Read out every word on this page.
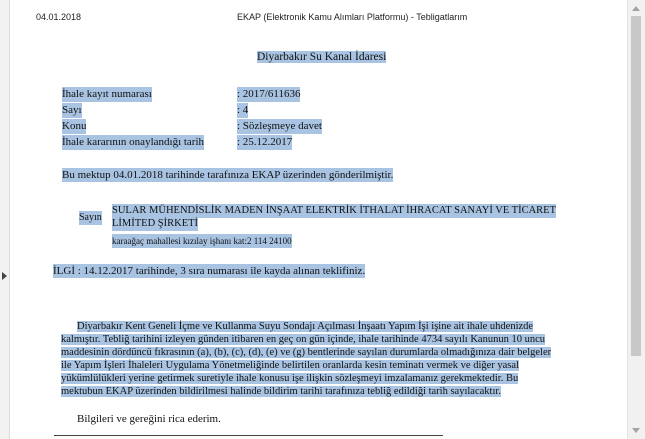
04.01.2018	EKAP (Elektronik Kamu Alımları Platformu) - Tebligatlarım
Diyarbakır Su Kanal İdaresi
İhale kayıt numarası	: 2017/611636
Sayı	: 4
Konu	: Sözleşmeye davet
İhale kararının onaylandığı tarih	: 25.12.2017
Bu mektup 04.01.2018 tarihinde tarafınıza EKAP üzerinden gönderilmiştir.
Sayın
SULAR MÜHENDİSLİK MADEN İNŞAAT ELEKTRİK İTHALAT İHRACAT SANAYİ VE TİCARET
LİMİTED ŞİRKETİ
karaağaç mahallesi kızılay işhanı kat:2 114 24100
İLGİ : 14.12.2017 tarihinde, 3 sıra numarası ile kayda alınan teklifiniz.
Diyarbakır Kent Geneli İçme ve Kullanma Suyu Sondajı Açılması İnşaatı Yapım İşi işine ait ihale uhdenizde
kalmıştır. Tebliğ tarihini izleyen günden itibaren en geç on gün içinde, ihale tarihinde 4734 sayılı Kanunun 10 uncu
maddesinin dördüncü fıkrasının (a), (b), (c), (d), (e) ve (g) bentlerinde sayılan durumlarda olmadığınıza dair belgeler
ile Yapım İşleri İhaleleri Uygulama Yönetmeliğinde belirtilen oranlarda kesin teminatı vermek ve diğer yasal
yükümlülükleri yerine getirmek suretiyle ihale konusu işe ilişkin sözleşmeyi imzalamanız gerekmektedir. Bu
mektubun EKAP üzerinden bildirilmesi halinde bildirim tarihi tarafınıza tebliğ edildiği tarih sayılacaktır.
Bilgileri ve gereğini rica ederim.
